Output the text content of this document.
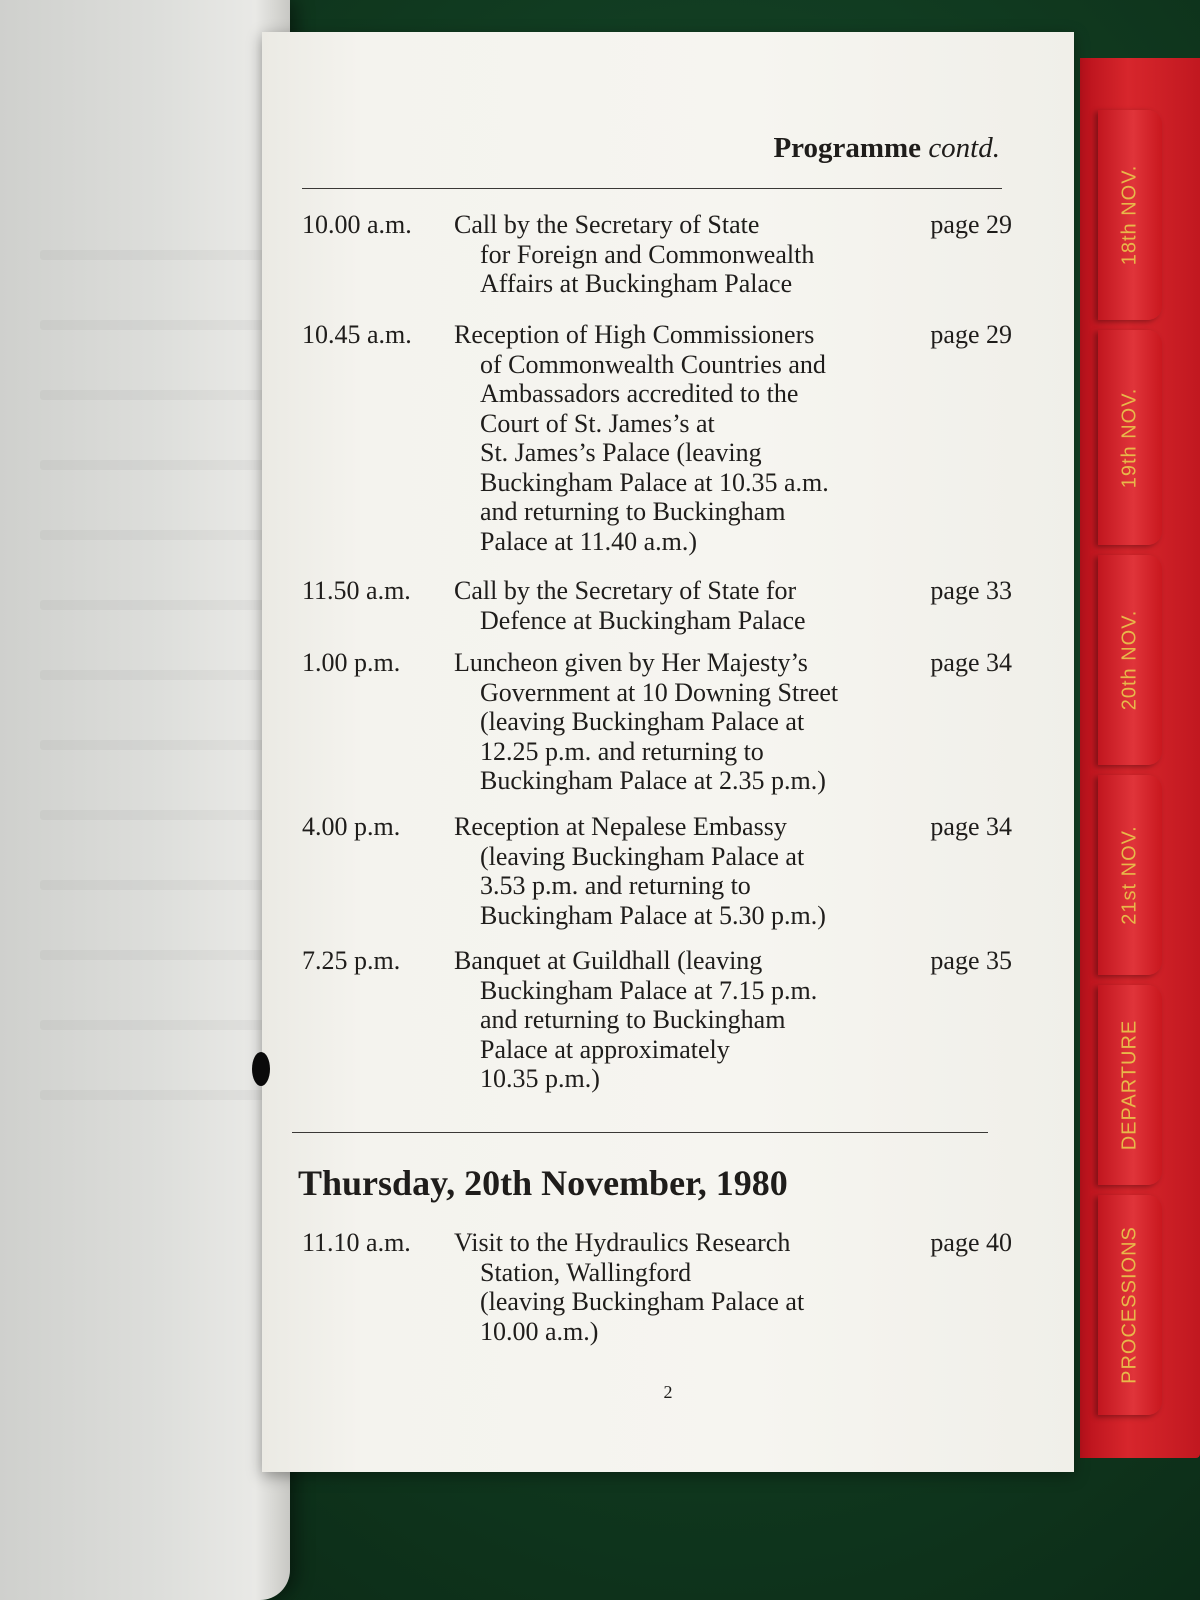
18th NOV.
19th NOV.
20th NOV.
21st NOV.
DEPARTURE
PROCESSIONS
Programme contd.
10.00 a.m.	Call by the Secretary of State
for Foreign and Commonwealth
Affairs at Buckingham Palace
page 29
10.45 a.m.	Reception of High Commissioners
of Commonwealth Countries and
Ambassadors accredited to the
Court of St. James’s at
St. James’s Palace (leaving
Buckingham Palace at 10.35 a.m.
and returning to Buckingham
Palace at 11.40 a.m.)
page 29
11.50 a.m.	Call by the Secretary of State for
Defence at Buckingham Palace
page 33
1.00 p.m.	Luncheon given by Her Majesty’s
Government at 10 Downing Street
(leaving Buckingham Palace at
12.25 p.m. and returning to
Buckingham Palace at 2.35 p.m.)
page 34
4.00 p.m.	Reception at Nepalese Embassy
(leaving Buckingham Palace at
3.53 p.m. and returning to
Buckingham Palace at 5.30 p.m.)
page 34
7.25 p.m.	Banquet at Guildhall (leaving
Buckingham Palace at 7.15 p.m.
and returning to Buckingham
Palace at approximately
10.35 p.m.)
page 35
Thursday, 20th November, 1980
11.10 a.m.	Visit to the Hydraulics Research
Station, Wallingford
(leaving Buckingham Palace at
10.00 a.m.)
page 40
2
